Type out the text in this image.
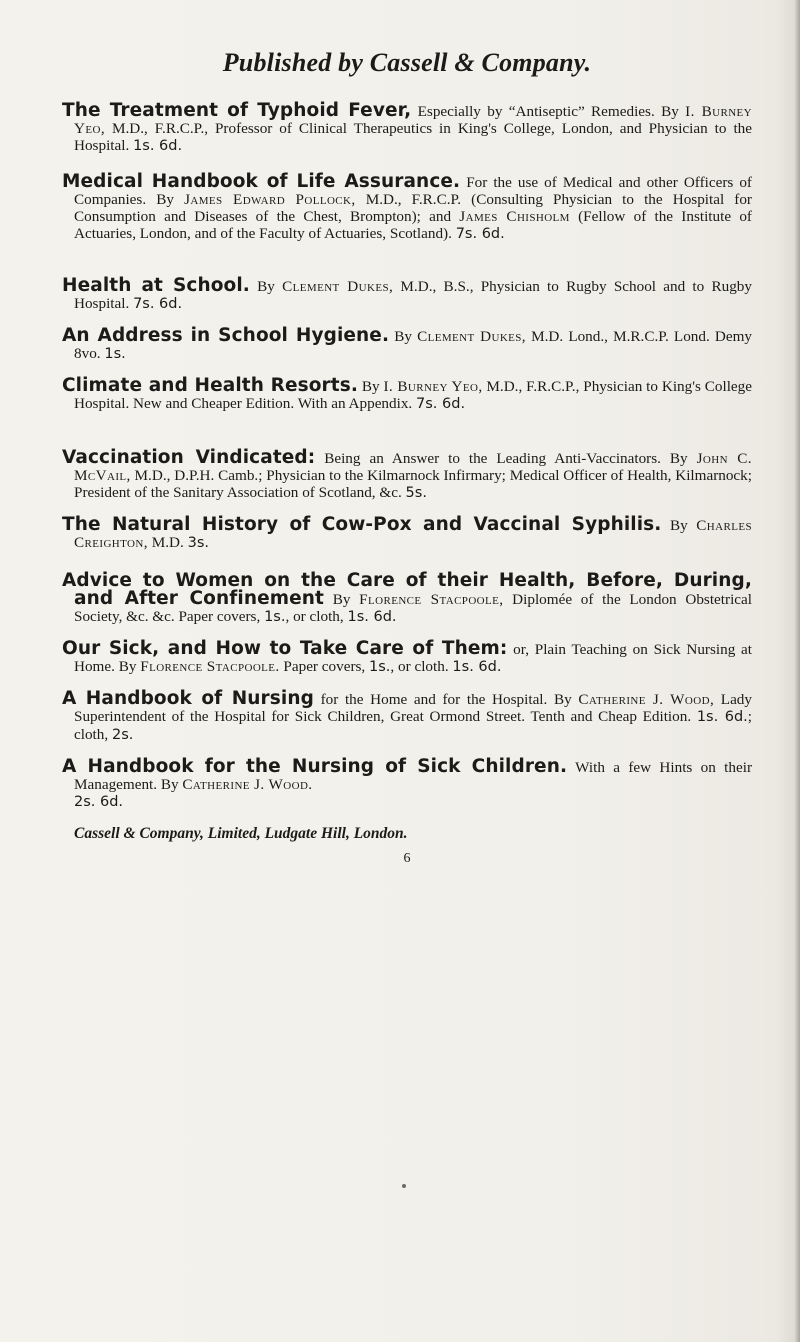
Published by Cassell & Company.
The Treatment of Typhoid Fever, Especially by “Antiseptic” Remedies. By I. Burney Yeo, M.D., F.R.C.P., Professor of Clinical Therapeutics in King's College, London, and Physician to the Hospital. 1s. 6d.
Medical Handbook of Life Assurance. For the use of Medical and other Officers of Companies. By James Edward Pollock, M.D., F.R.C.P. (Consulting Physician to the Hospital for Consumption and Diseases of the Chest, Brompton); and James Chisholm (Fellow of the Institute of Actuaries, London, and of the Faculty of Actuaries, Scotland). 7s. 6d.
Health at School. By Clement Dukes, M.D., B.S., Physician to Rugby School and to Rugby Hospital. 7s. 6d.
An Address in School Hygiene. By Clement Dukes, M.D. Lond., M.R.C.P. Lond. Demy 8vo. 1s.
Climate and Health Resorts. By I. Burney Yeo, M.D., F.R.C.P., Physician to King's College Hospital. New and Cheaper Edition. With an Appendix. 7s. 6d.
Vaccination Vindicated: Being an Answer to the Leading Anti-Vaccinators. By John C. McVail, M.D., D.P.H. Camb.; Physician to the Kilmarnock Infirmary; Medical Officer of Health, Kilmarnock; President of the Sanitary Association of Scotland, &c. 5s.
The Natural History of Cow-Pox and Vaccinal Syphilis. By Charles Creighton, M.D. 3s.
Advice to Women on the Care of their Health, Before, During, and After Confinement By Florence Stacpoole, Diplomée of the London Obstetrical Society, &c. &c. Paper covers, 1s., or cloth, 1s. 6d.
Our Sick, and How to Take Care of Them: or, Plain Teaching on Sick Nursing at Home. By Florence Stacpoole. Paper covers, 1s., or cloth. 1s. 6d.
A Handbook of Nursing for the Home and for the Hospital. By Catherine J. Wood, Lady Superintendent of the Hospital for Sick Children, Great Ormond Street. Tenth and Cheap Edition. 1s. 6d.; cloth, 2s.
A Handbook for the Nursing of Sick Children. With a few Hints on their Management. By Catherine J. Wood.
2s. 6d.
Cassell & Company, Limited, Ludgate Hill, London.
6
